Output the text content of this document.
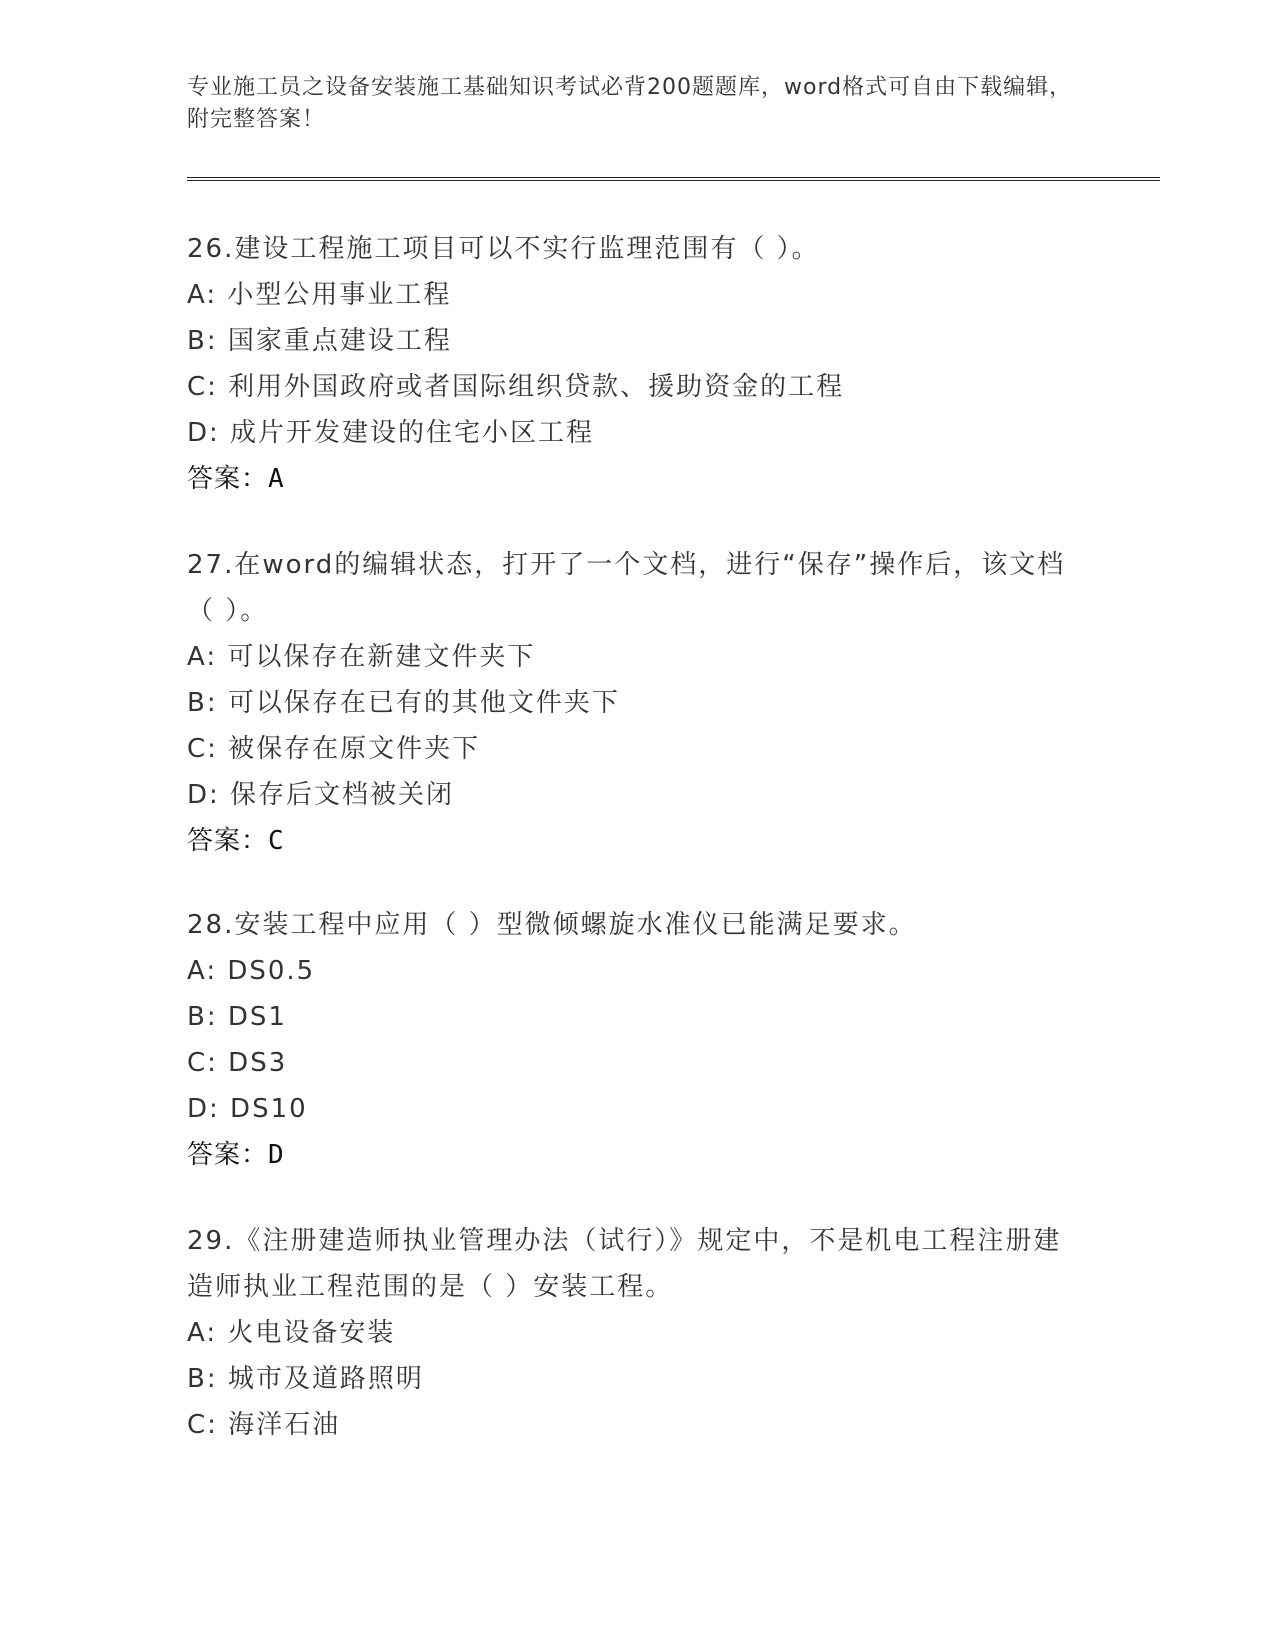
专业施工员之设备安装施工基础知识考试必背200题题库，word格式可自由下载编辑，附完整答案！

26.建设工程施工项目可以不实行监理范围有（ ）。

A: 小型公用事业工程

B: 国家重点建设工程

C: 利用外国政府或者国际组织贷款、援助资金的工程

D: 成片开发建设的住宅小区工程

答案：A

27.在word的编辑状态，打开了一个文档，进行“保存”操作后，该文档（ ）。

A: 可以保存在新建文件夹下

B: 可以保存在已有的其他文件夹下

C: 被保存在原文件夹下

D: 保存后文档被关闭

答案：C

28.安装工程中应用（ ）型微倾螺旋水准仪已能满足要求。

A: DS0.5

B: DS1

C: DS3

D: DS10

答案：D

29.《注册建造师执业管理办法（试行）》规定中，不是机电工程注册建造师执业工程范围的是（ ）安装工程。

A: 火电设备安装

B: 城市及道路照明

C: 海洋石油
